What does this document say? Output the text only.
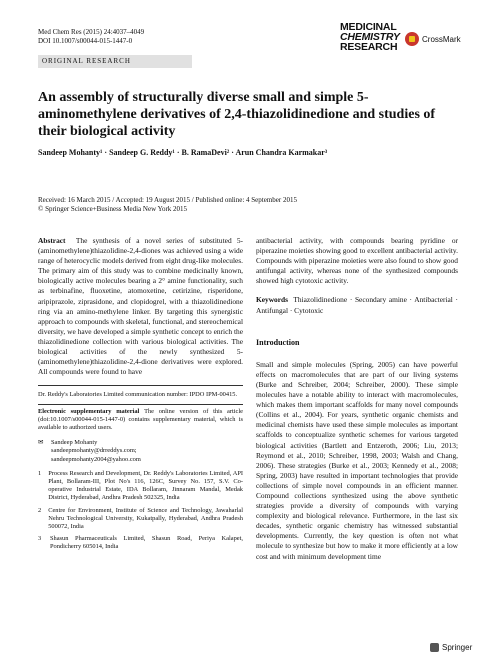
Med Chem Res (2015) 24:4037–4049
DOI 10.1007/s00044-015-1447-0
MEDICINAL
CHEMISTRY
RESEARCH
CrossMark
ORIGINAL RESEARCH
An assembly of structurally diverse small and simple 5-aminomethylene derivatives of 2,4-thiazolidinedione and studies of their biological activity
Sandeep Mohanty¹ · Sandeep G. Reddy¹ · B. RamaDevi² · Arun Chandra Karmakar³
Received: 16 March 2015 / Accepted: 19 August 2015 / Published online: 4 September 2015
© Springer Science+Business Media New York 2015
Abstract The synthesis of a novel series of substituted 5-(aminomethylene)thiazolidine-2,4-diones was achieved using a wide range of heterocyclic models derived from eight drug-like molecules. The primary aim of this study was to combine medicinally known, biologically active molecules bearing a 2° amine functionality, such as terbinafine, fluoxetine, atomoxetine, cetirizine, risperidone, aripiprazole, ziprasidone, and clopidogrel, with a thiazolidinedione ring via an amino-methylene linker. By targeting this synergistic approach to compounds with skeletal, functional, and stereochemical diversity, we have developed a simple synthetic concept to enrich the thiazolidinedione collection with various biological activities. The biological activities of the newly synthesized 5-(aminomethylene)thiazolidine-2,4-dione derivatives were explored. All compounds were found to have
Dr. Reddy's Laboratories Limited communication number: IPDO IPM-00415.
Electronic supplementary material The online version of this article (doi:10.1007/s00044-015-1447-0) contains supplementary material, which is available to authorized users.
✉ Sandeep Mohanty
sandeepmohanty@drreddys.com;
sandeepmohanty2004@yahoo.com
1 Process Research and Development, Dr. Reddy's Laboratories Limited, API Plant, Bollaram-III, Plot No's 116, 126C, Survey No. 157, S.V. Co-operative Industrial Estate, IDA Bollaram, Jinnaram Mandal, Medak District, Hyderabad, Andhra Pradesh 502325, India
2 Centre for Environment, Institute of Science and Technology, Jawaharlal Nehru Technological University, Kukatpally, Hyderabad, Andhra Pradesh 500072, India
3 Shasun Pharmaceuticals Limited, Shasun Road, Periya Kalapet, Pondicherry 605014, India
antibacterial activity, with compounds bearing pyridine or piperazine moieties showing good to excellent antibacterial activity. Compounds with piperazine moieties were also found to show good antifungal activity, whereas none of the synthesized compounds showed high cytotoxic activity.
Keywords Thiazolidinedione · Secondary amine · Antibacterial · Antifungal · Cytotoxic
Introduction
Small and simple molecules (Spring, 2005) can have powerful effects on macromolecules that are part of our living systems (Burke and Schreiber, 2004; Schreiber, 2000). These simple molecules have a notable ability to interact with macromolecules, which makes them important scaffolds for many novel compounds (Collins et al., 2004). For years, synthetic organic chemists and medicinal chemists have used these simple molecules as important scaffolds to conceptualize synthetic schemes for various targeted biological activities (Bartlett and Entzeroth, 2006; Liu, 2013; Reymond et al., 2010; Schreiber, 1998, 2003; Walsh and Chang, 2006). These strategies (Burke et al., 2003; Kennedy et al., 2008; Spring, 2003) have resulted in important technologies that provide collections of simple novel compounds in an efficient manner. Compound collections synthesized using the above synthetic strategies provide a diversity of compounds with varying complexity and biological relevance. Furthermore, in the last six decades, synthetic organic chemistry has witnessed substantial developments. Currently, the key question is often not what molecule to synthesize but how to make it more efficiently at a low cost and with minimum development time
Springer
